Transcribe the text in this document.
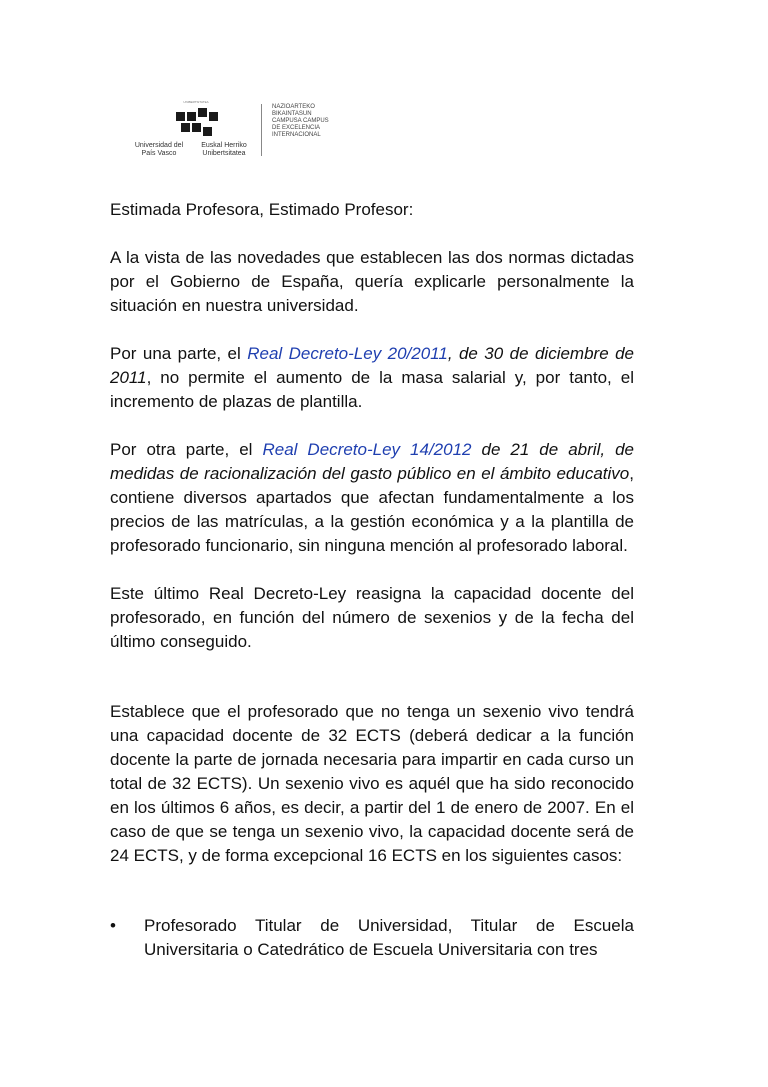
UNIBERTSITATEA
Universidad del País Vasco
Euskal Herriko Unibertsitatea
NAZIOARTEKO BIKAINTASUN CAMPUSA CAMPUS DE EXCELENCIA INTERNACIONAL

Estimada Profesora, Estimado Profesor:

A la vista de las novedades que establecen las dos normas dictadas por el Gobierno de España, quería explicarle personalmente la situación en nuestra universidad.

Por una parte, el Real Decreto-Ley 20/2011, de 30 de diciembre de 2011, no permite el aumento de la masa salarial y, por tanto, el incremento de plazas de plantilla.

Por otra parte, el Real Decreto-Ley 14/2012 de 21 de abril, de medidas de racionalización del gasto público en el ámbito educativo, contiene diversos apartados que afectan fundamentalmente a los precios de las matrículas, a la gestión económica y a la plantilla de profesorado funcionario, sin ninguna mención al profesorado laboral.

Este último Real Decreto-Ley reasigna la capacidad docente del profesorado, en función del número de sexenios y de la fecha del último conseguido.

Establece que el profesorado que no tenga un sexenio vivo tendrá una capacidad docente de 32 ECTS (deberá dedicar a la función docente la parte de jornada necesaria para impartir en cada curso un total de 32 ECTS). Un sexenio vivo es aquél que ha sido reconocido en los últimos 6 años, es decir, a partir del 1 de enero de 2007. En el caso de que se tenga un sexenio vivo, la capacidad docente será de 24 ECTS, y de forma excepcional 16 ECTS en los siguientes casos:

•	Profesorado Titular de Universidad, Titular de Escuela Universitaria o Catedrático de Escuela Universitaria con tres
